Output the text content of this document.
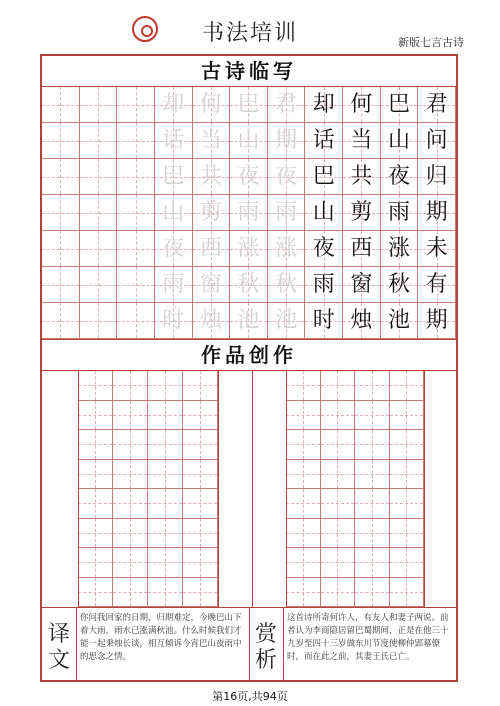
书法培训	新版七言古诗
古诗临写
却
话
巴
山
夜
雨
时
何
当
共
剪
西
窗
烛
巴
山
夜
雨
涨
秋
池
君
期
夜
雨
涨
秋
池
却
话
巴
山
夜
雨
时
何
当
共
剪
西
窗
烛
巴
山
夜
雨
涨
秋
池
君
问
归
期
未
有
期
作品创作
译文
你问我回家的日期，归期难定，今晚巴山下着大雨，雨水已涨满秋池。什么时候我们才能一起秉烛长谈，相互倾诉今宵巴山夜雨中的思念之情。
赏析
这首诗所寄何许人，有友人和妻子两说。前者认为李商隐居留巴蜀期间，正是在他三十九岁至四十三岁做东川节度使柳仲郢幕僚时，而在此之前，其妻王氏已亡。
第16页,共94页
